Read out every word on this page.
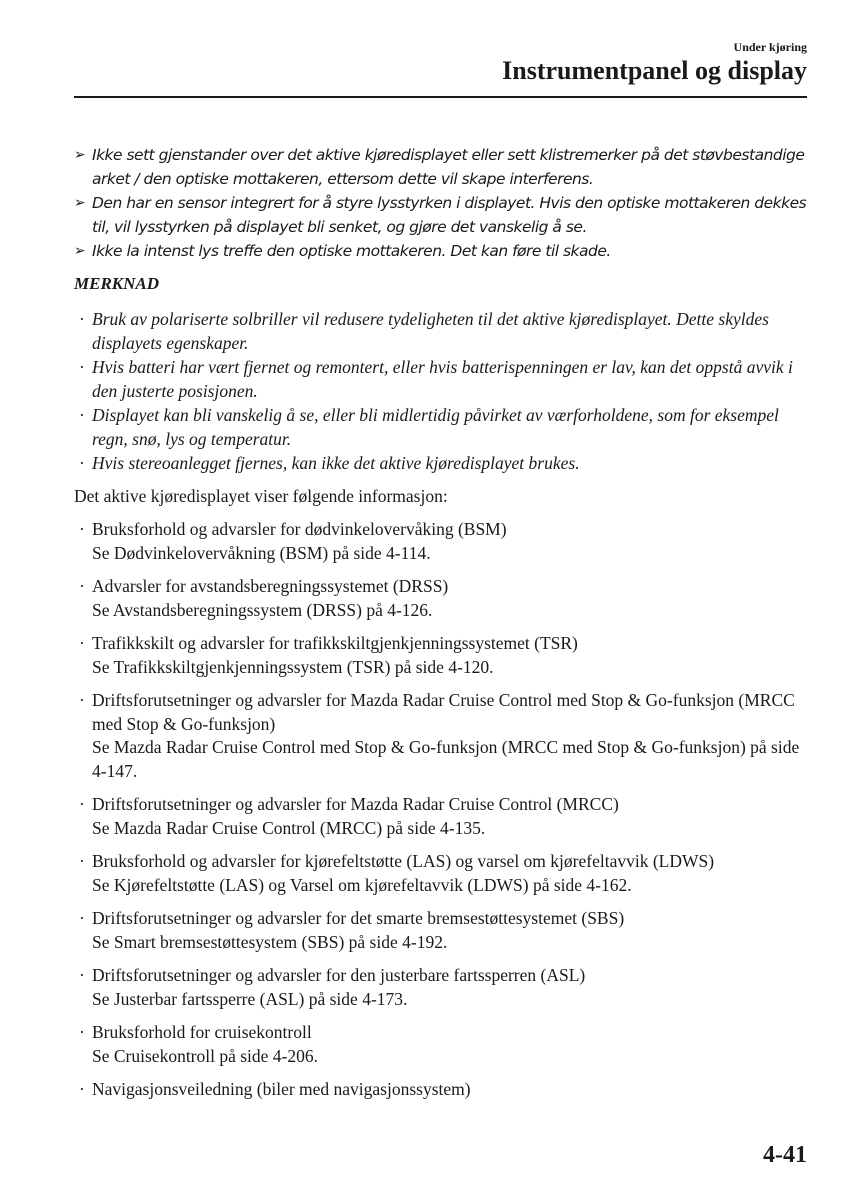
Under kjøring
Instrumentpanel og display
➢ Ikke sett gjenstander over det aktive kjøredisplayet eller sett klistremerker på det støvbestandige arket / den optiske mottakeren, ettersom dette vil skape interferens.
➢ Den har en sensor integrert for å styre lysstyrken i displayet. Hvis den optiske mottakeren dekkes til, vil lysstyrken på displayet bli senket, og gjøre det vanskelig å se.
➢ Ikke la intenst lys treffe den optiske mottakeren. Det kan føre til skade.
MERKNAD
· Bruk av polariserte solbriller vil redusere tydeligheten til det aktive kjøredisplayet. Dette skyldes displayets egenskaper.
· Hvis batteri har vært fjernet og remontert, eller hvis batterispenningen er lav, kan det oppstå avvik i den justerte posisjonen.
· Displayet kan bli vanskelig å se, eller bli midlertidig påvirket av værforholdene, som for eksempel regn, snø, lys og temperatur.
· Hvis stereoanlegget fjernes, kan ikke det aktive kjøredisplayet brukes.
Det aktive kjøredisplayet viser følgende informasjon:
· Bruksforhold og advarsler for dødvinkelovervåking (BSM)
Se Dødvinkelovervåkning (BSM) på side 4-114.
· Advarsler for avstandsberegningssystemet (DRSS)
Se Avstandsberegningssystem (DRSS) på 4-126.
· Trafikkskilt og advarsler for trafikkskiltgjenkjenningssystemet (TSR)
Se Trafikkskiltgjenkjenningssystem (TSR) på side 4-120.
· Driftsforutsetninger og advarsler for Mazda Radar Cruise Control med Stop & Go-funksjon (MRCC med Stop & Go-funksjon)
Se Mazda Radar Cruise Control med Stop & Go-funksjon (MRCC med Stop & Go-funksjon) på side 4-147.
· Driftsforutsetninger og advarsler for Mazda Radar Cruise Control (MRCC)
Se Mazda Radar Cruise Control (MRCC) på side 4-135.
· Bruksforhold og advarsler for kjørefeltstøtte (LAS) og varsel om kjørefeltavvik (LDWS)
Se Kjørefeltstøtte (LAS) og Varsel om kjørefeltavvik (LDWS) på side 4-162.
· Driftsforutsetninger og advarsler for det smarte bremsestøttesystemet (SBS)
Se Smart bremsestøttesystem (SBS) på side 4-192.
· Driftsforutsetninger og advarsler for den justerbare fartssperren (ASL)
Se Justerbar fartssperre (ASL) på side 4-173.
· Bruksforhold for cruisekontroll
Se Cruisekontroll på side 4-206.
· Navigasjonsveiledning (biler med navigasjonssystem)
4-41
